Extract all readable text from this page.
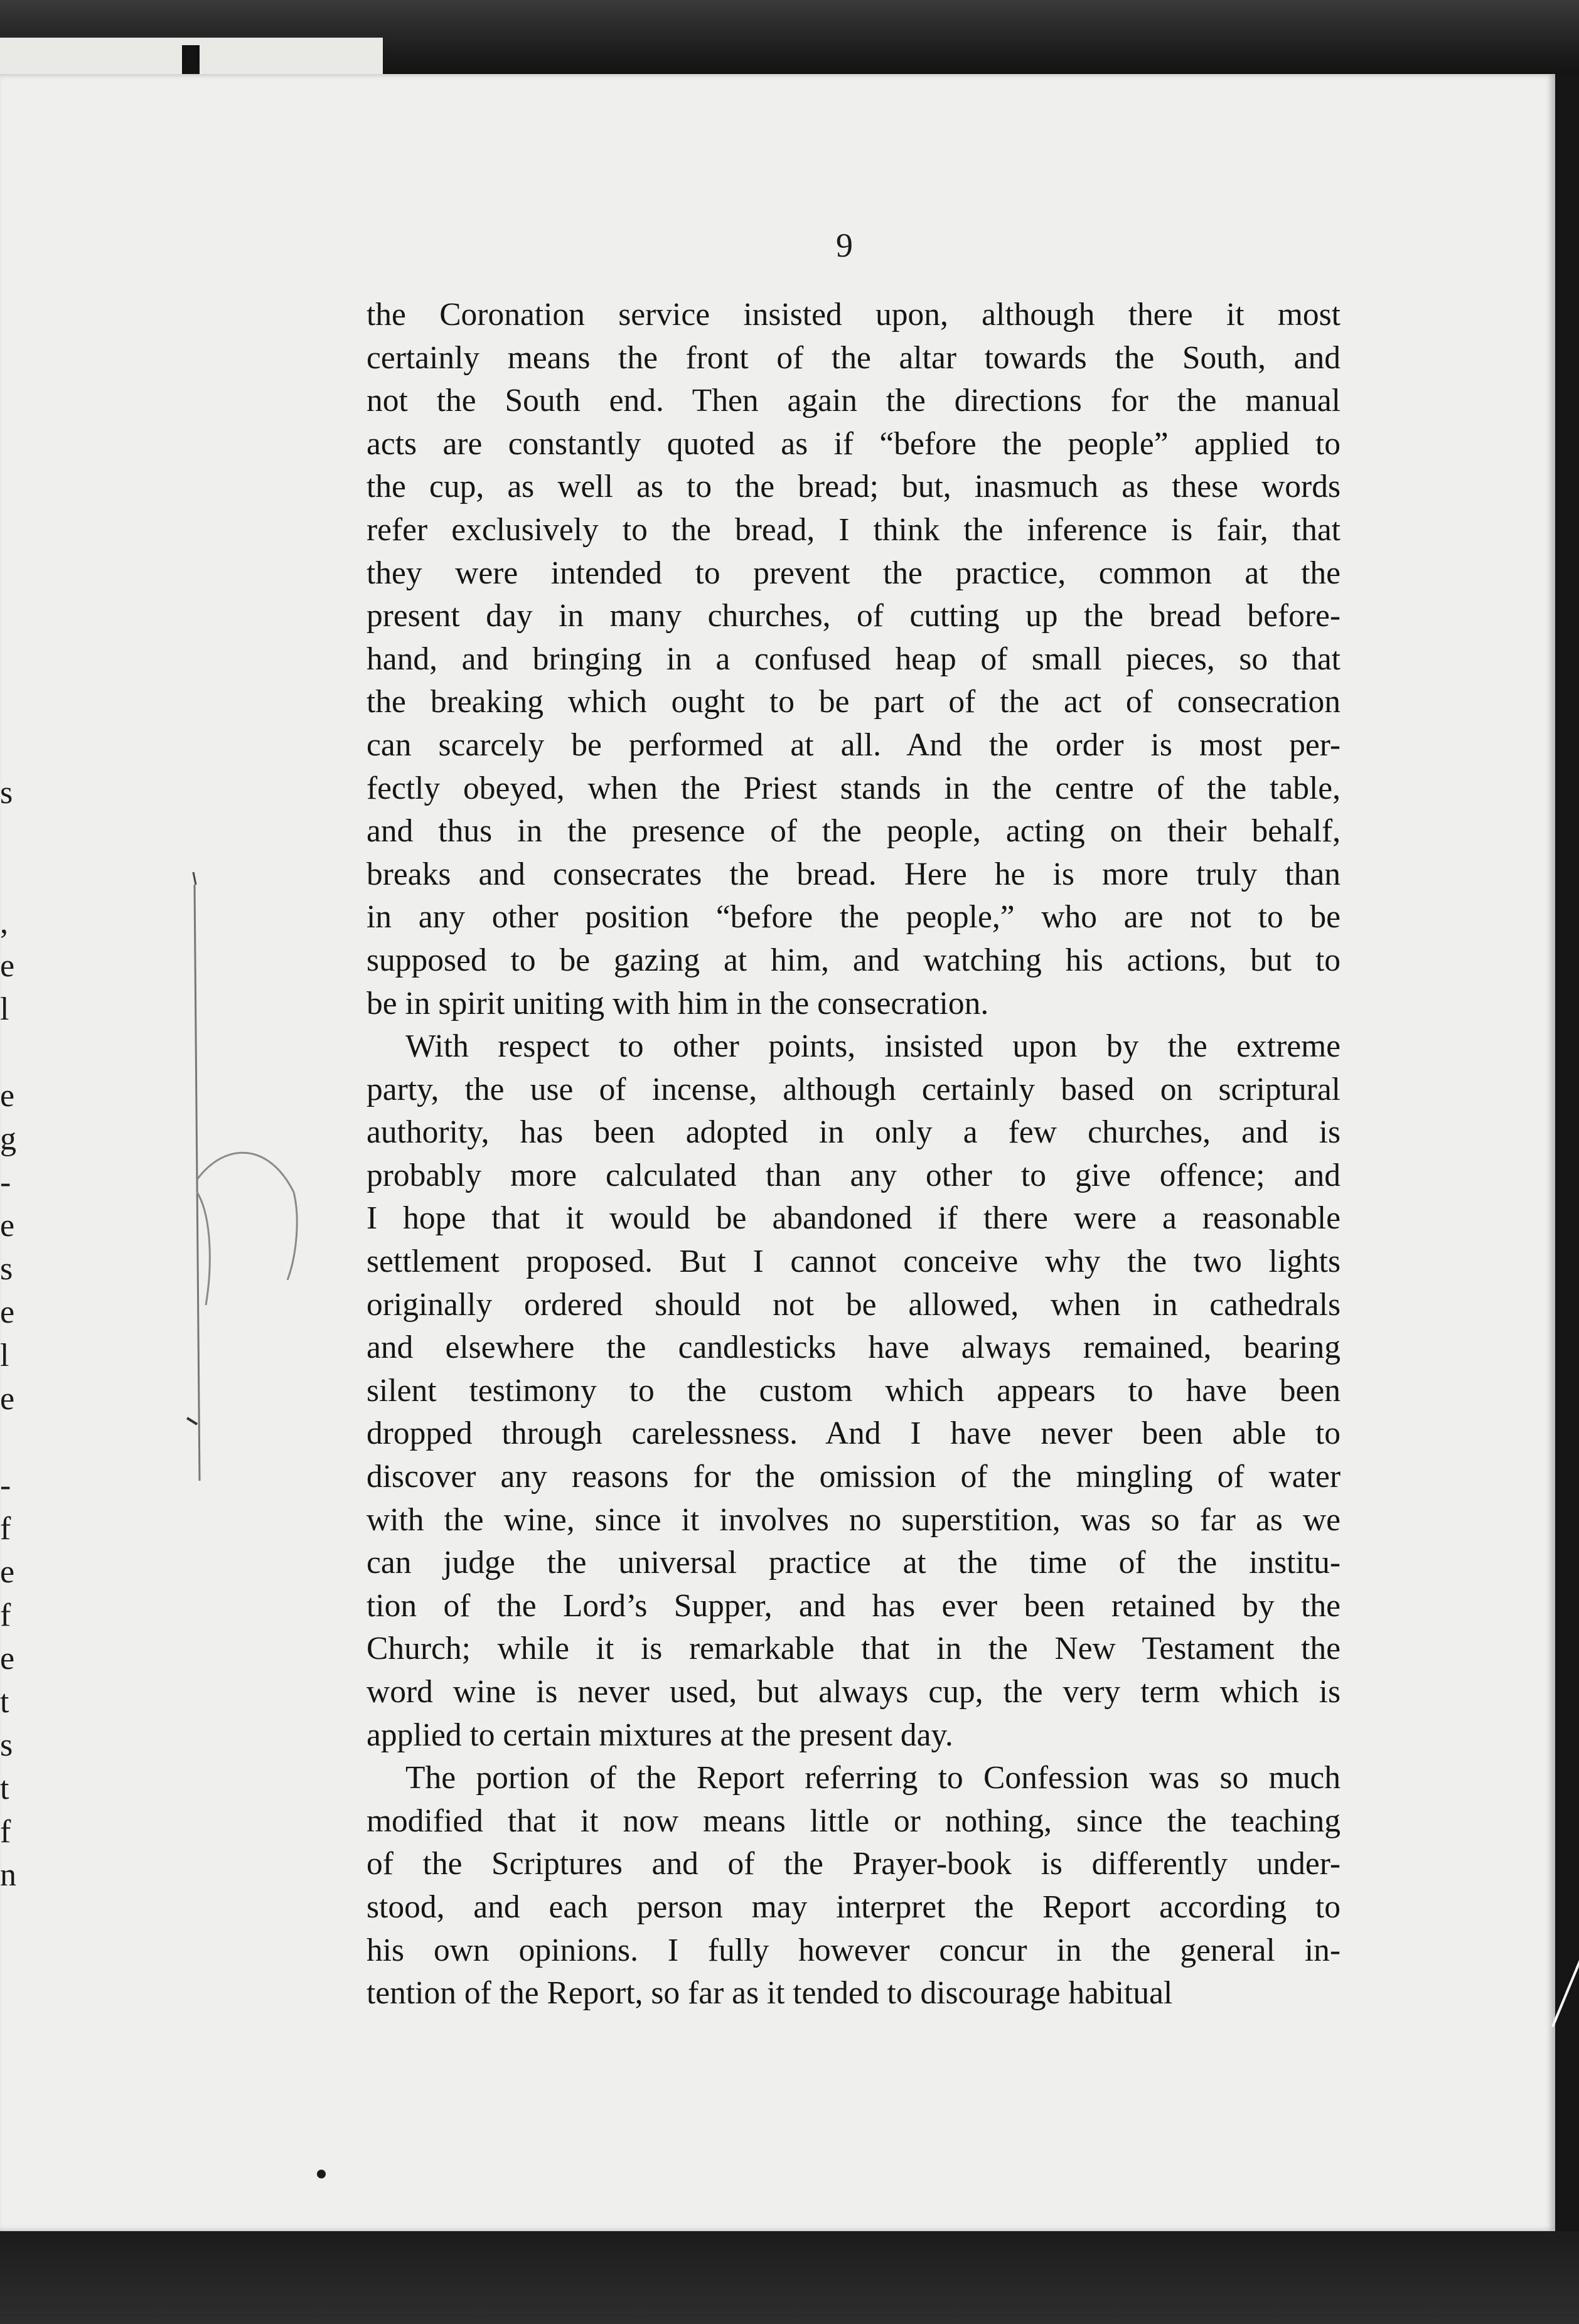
s
,
e
l
e
g
-
e
s
e
l
e
-
f
e
f
e
t
s
t
f
n
9
the Coronation service insisted upon, although there it most
certainly means the front of the altar towards the South, and
not the South end. Then again the directions for the manual
acts are constantly quoted as if “before the people” applied to
the cup, as well as to the bread; but, inasmuch as these words
refer exclusively to the bread, I think the inference is fair, that
they were intended to prevent the practice, common at the
present day in many churches, of cutting up the bread before-
hand, and bringing in a confused heap of small pieces, so that
the breaking which ought to be part of the act of consecration
can scarcely be performed at all. And the order is most per-
fectly obeyed, when the Priest stands in the centre of the table,
and thus in the presence of the people, acting on their behalf,
breaks and consecrates the bread. Here he is more truly than
in any other position “before the people,” who are not to be
supposed to be gazing at him, and watching his actions, but to
be in spirit uniting with him in the consecration.
With respect to other points, insisted upon by the extreme
party, the use of incense, although certainly based on scriptural
authority, has been adopted in only a few churches, and is
probably more calculated than any other to give offence; and
I hope that it would be abandoned if there were a reasonable
settlement proposed. But I cannot conceive why the two lights
originally ordered should not be allowed, when in cathedrals
and elsewhere the candlesticks have always remained, bearing
silent testimony to the custom which appears to have been
dropped through carelessness. And I have never been able to
discover any reasons for the omission of the mingling of water
with the wine, since it involves no superstition, was so far as we
can judge the universal practice at the time of the institu-
tion of the Lord’s Supper, and has ever been retained by the
Church; while it is remarkable that in the New Testament the
word wine is never used, but always cup, the very term which is
applied to certain mixtures at the present day.
The portion of the Report referring to Confession was so much
modified that it now means little or nothing, since the teaching
of the Scriptures and of the Prayer-book is differently under-
stood, and each person may interpret the Report according to
his own opinions. I fully however concur in the general in-
tention of the Report, so far as it tended to discourage habitual
